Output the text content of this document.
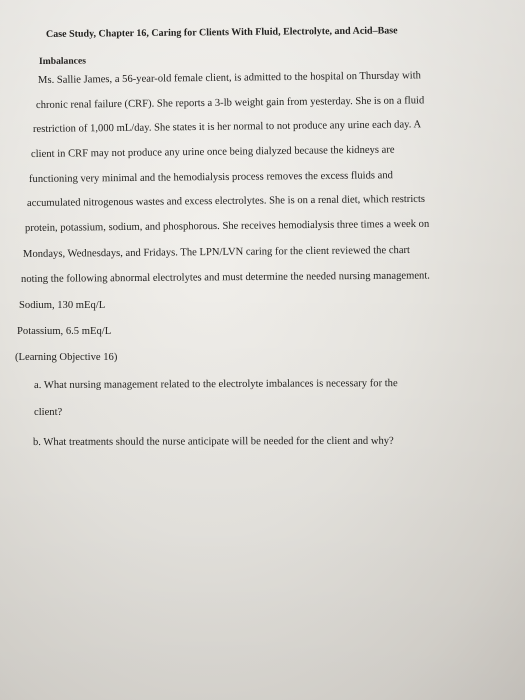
Case Study, Chapter 16, Caring for Clients With Fluid, Electrolyte, and Acid–Base
Imbalances
Ms. Sallie James, a 56-year-old female client, is admitted to the hospital on Thursday with
chronic renal failure (CRF). She reports a 3-lb weight gain from yesterday. She is on a fluid
restriction of 1,000 mL/day. She states it is her normal to not produce any urine each day. A
client in CRF may not produce any urine once being dialyzed because the kidneys are
functioning very minimal and the hemodialysis process removes the excess fluids and
accumulated nitrogenous wastes and excess electrolytes. She is on a renal diet, which restricts
protein, potassium, sodium, and phosphorous. She receives hemodialysis three times a week on
Mondays, Wednesdays, and Fridays. The LPN/LVN caring for the client reviewed the chart
noting the following abnormal electrolytes and must determine the needed nursing management.
Sodium, 130 mEq/L
Potassium, 6.5 mEq/L
(Learning Objective 16)
a. What nursing management related to the electrolyte imbalances is necessary for the
client?
b. What treatments should the nurse anticipate will be needed for the client and why?
